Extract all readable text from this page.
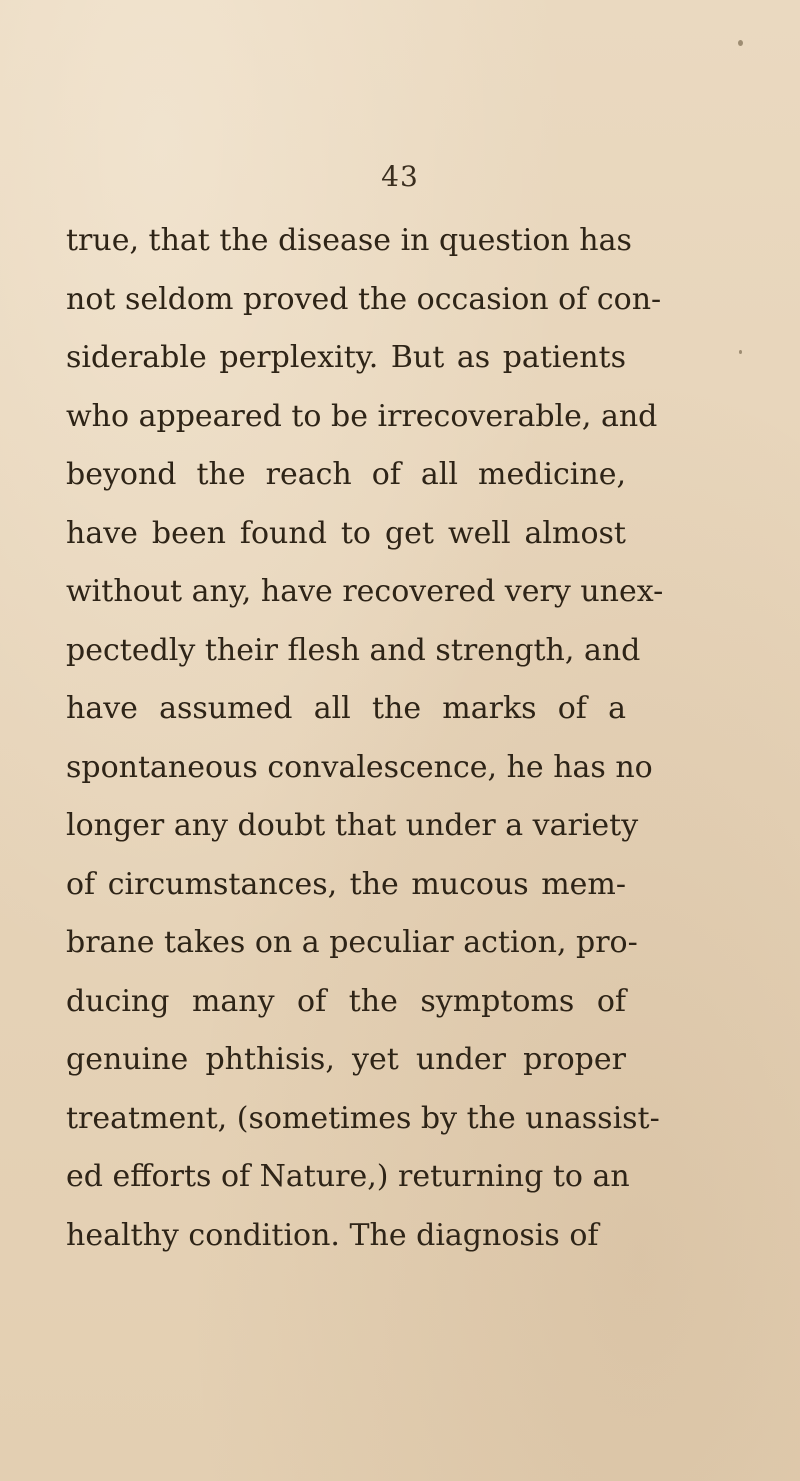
43
true, that the disease in question has
not seldom proved the occasion of con-
siderable perplexity. But as patients
who appeared to be irrecoverable, and
beyond the reach of all medicine,
have been found to get well almost
without any, have recovered very unex-
pectedly their flesh and strength, and
have assumed all the marks of a
spontaneous convalescence, he has no
longer any doubt that under a variety
of circumstances, the mucous mem-
brane takes on a peculiar action, pro-
ducing many of the symptoms of
genuine phthisis, yet under proper
treatment, (sometimes by the unassist-
ed efforts of Nature,) returning to an
healthy condition. The diagnosis of
